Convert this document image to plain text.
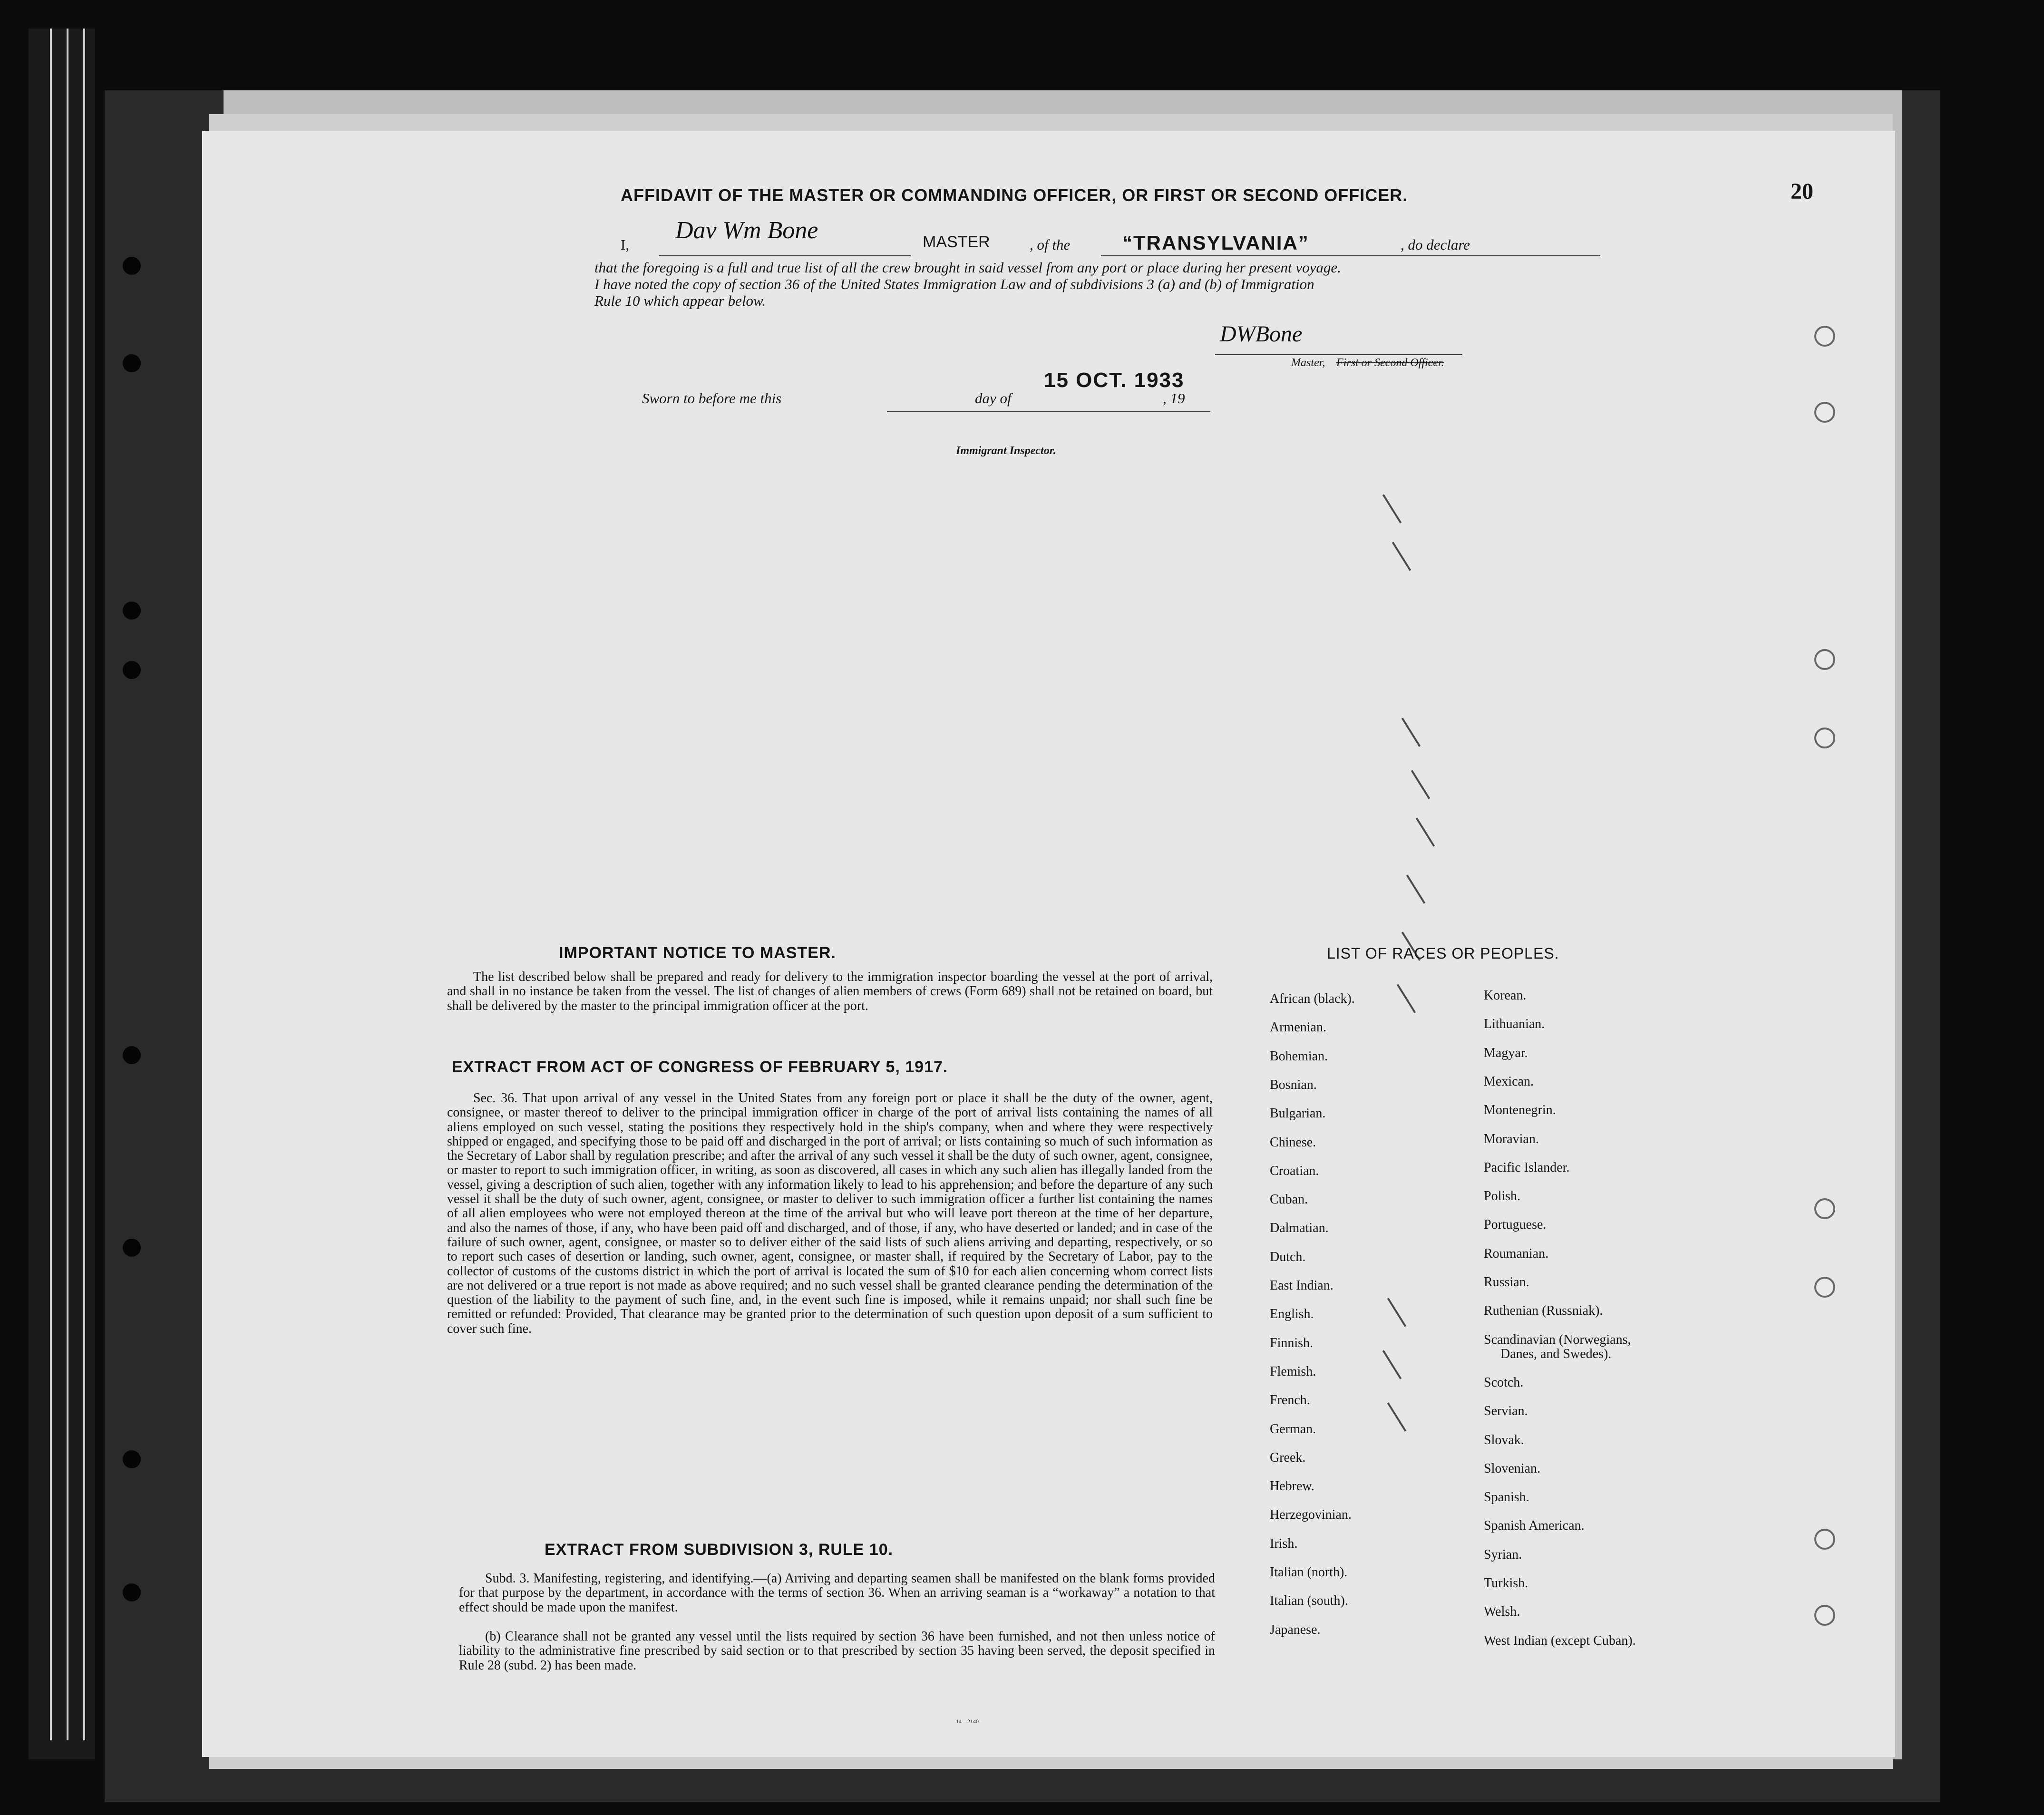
AFFIDAVIT OF THE MASTER OR COMMANDING OFFICER, OR FIRST OR SECOND OFFICER.	20
I,
Dav Wm Bone	MASTER	, of the	“TRANSYLVANIA”	, do declare
that the foregoing is a full and true list of all the crew brought in said vessel from any port or place during her present voyage.
I have noted the copy of section 36 of the United States Immigration Law and of subdivisions 3 (a) and (b) of Immigration
Rule 10 which appear below.
DWBone
Master, First or Second Officer.
Sworn to before me this	day of
15 OCT. 1933
, 19
Immigrant Inspector.
IMPORTANT NOTICE TO MASTER.
The list described below shall be prepared and ready for delivery to the immigration inspector boarding the vessel at the port of arrival, and shall in no instance be taken from the vessel. The list of changes of alien members of crews (Form 689) shall not be retained on board, but shall be delivered by the master to the principal immigration officer at the port.
EXTRACT FROM ACT OF CONGRESS OF FEBRUARY 5, 1917.
Sec. 36. That upon arrival of any vessel in the United States from any foreign port or place it shall be the duty of the owner, agent, consignee, or master thereof to deliver to the principal immigration officer in charge of the port of arrival lists containing the names of all aliens employed on such vessel, stating the positions they respectively hold in the ship's company, when and where they were respectively shipped or engaged, and specifying those to be paid off and discharged in the port of arrival; or lists containing so much of such information as the Secretary of Labor shall by regulation prescribe; and after the arrival of any such vessel it shall be the duty of such owner, agent, consignee, or master to report to such immigration officer, in writing, as soon as discovered, all cases in which any such alien has illegally landed from the vessel, giving a description of such alien, together with any information likely to lead to his apprehension; and before the departure of any such vessel it shall be the duty of such owner, agent, consignee, or master to deliver to such immigration officer a further list containing the names of all alien employees who were not employed thereon at the time of the arrival but who will leave port thereon at the time of her departure, and also the names of those, if any, who have been paid off and discharged, and of those, if any, who have deserted or landed; and in case of the failure of such owner, agent, consignee, or master so to deliver either of the said lists of such aliens arriving and departing, respectively, or so to report such cases of desertion or landing, such owner, agent, consignee, or master shall, if required by the Secretary of Labor, pay to the collector of customs of the customs district in which the port of arrival is located the sum of $10 for each alien concerning whom correct lists are not delivered or a true report is not made as above required; and no such vessel shall be granted clearance pending the determination of the question of the liability to the payment of such fine, and, in the event such fine is imposed, while it remains unpaid; nor shall such fine be remitted or refunded: Provided, That clearance may be granted prior to the determination of such question upon deposit of a sum sufficient to cover such fine.
EXTRACT FROM SUBDIVISION 3, RULE 10.
Subd. 3. Manifesting, registering, and identifying.—(a) Arriving and departing seamen shall be manifested on the blank forms provided for that purpose by the department, in accordance with the terms of section 36. When an arriving seaman is a “workaway” a notation to that effect should be made upon the manifest.
(b) Clearance shall not be granted any vessel until the lists required by section 36 have been furnished, and not then unless notice of liability to the administrative fine prescribed by said section or to that prescribed by section 35 having been served, the deposit specified in Rule 28 (subd. 2) has been made.
14—2140
LIST OF RACES OR PEOPLES.
African (black).
Armenian.
Bohemian.
Bosnian.
Bulgarian.
Chinese.
Croatian.
Cuban.
Dalmatian.
Dutch.
East Indian.
English.
Finnish.
Flemish.
French.
German.
Greek.
Hebrew.
Herzegovinian.
Irish.
Italian (north).
Italian (south).
Japanese.
Korean.
Lithuanian.
Magyar.
Mexican.
Montenegrin.
Moravian.
Pacific Islander.
Polish.
Portuguese.
Roumanian.
Russian.
Ruthenian (Russniak).
Scandinavian (Norwegians,
Danes, and Swedes).
Scotch.
Servian.
Slovak.
Slovenian.
Spanish.
Spanish American.
Syrian.
Turkish.
Welsh.
West Indian (except Cuban).
